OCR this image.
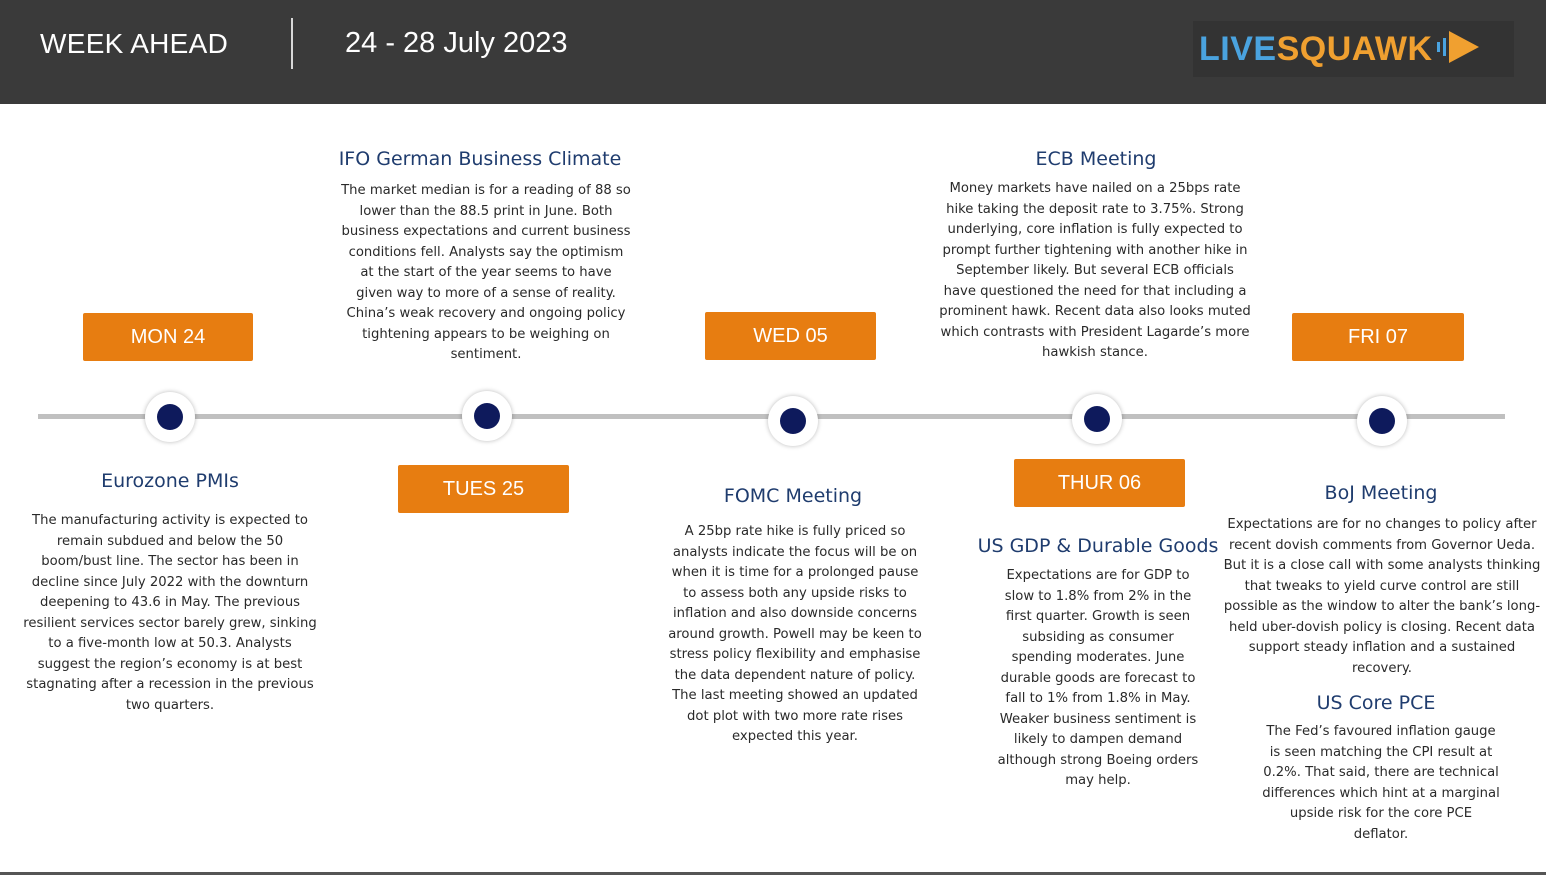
WEEK AHEAD	24 - 28 July 2023	LIVESQUAWK
MON 24
TUES 25
WED 05
THUR 06
FRI 07
Eurozone PMIs
The manufacturing activity is expected to remain subdued and below the 50 boom/bust line. The sector has been in decline since July 2022 with the downturn deepening to 43.6 in May. The previous resilient services sector barely grew, sinking to a five-month low at 50.3. Analysts suggest the region’s economy is at best stagnating after a recession in the previous two quarters.
IFO German Business Climate
The market median is for a reading of 88 so lower than the 88.5 print in June. Both business expectations and current business conditions fell. Analysts say the optimism at the start of the year seems to have given way to more of a sense of reality. China’s weak recovery and ongoing policy tightening appears to be weighing on sentiment.
FOMC Meeting
A 25bp rate hike is fully priced so analysts indicate the focus will be on when it is time for a prolonged pause to assess both any upside risks to inflation and also downside concerns around growth. Powell may be keen to stress policy flexibility and emphasise the data dependent nature of policy. The last meeting showed an updated dot plot with two more rate rises expected this year.
ECB Meeting
Money markets have nailed on a 25bps rate hike taking the deposit rate to 3.75%. Strong underlying, core inflation is fully expected to prompt further tightening with another hike in September likely. But several ECB officials have questioned the need for that including a prominent hawk. Recent data also looks muted which contrasts with President Lagarde’s more hawkish stance.
US GDP & Durable Goods
Expectations are for GDP to slow to 1.8% from 2% in the first quarter. Growth is seen subsiding as consumer spending moderates. June durable goods are forecast to fall to 1% from 1.8% in May. Weaker business sentiment is likely to dampen demand although strong Boeing orders may help.
BoJ Meeting
Expectations are for no changes to policy after recent dovish comments from Governor Ueda. But it is a close call with some analysts thinking that tweaks to yield curve control are still possible as the window to alter the bank’s long-held uber-dovish policy is closing. Recent data support steady inflation and a sustained recovery.
US Core PCE
The Fed’s favoured inflation gauge is seen matching the CPI result at 0.2%. That said, there are technical differences which hint at a marginal upside risk for the core PCE deflator.
